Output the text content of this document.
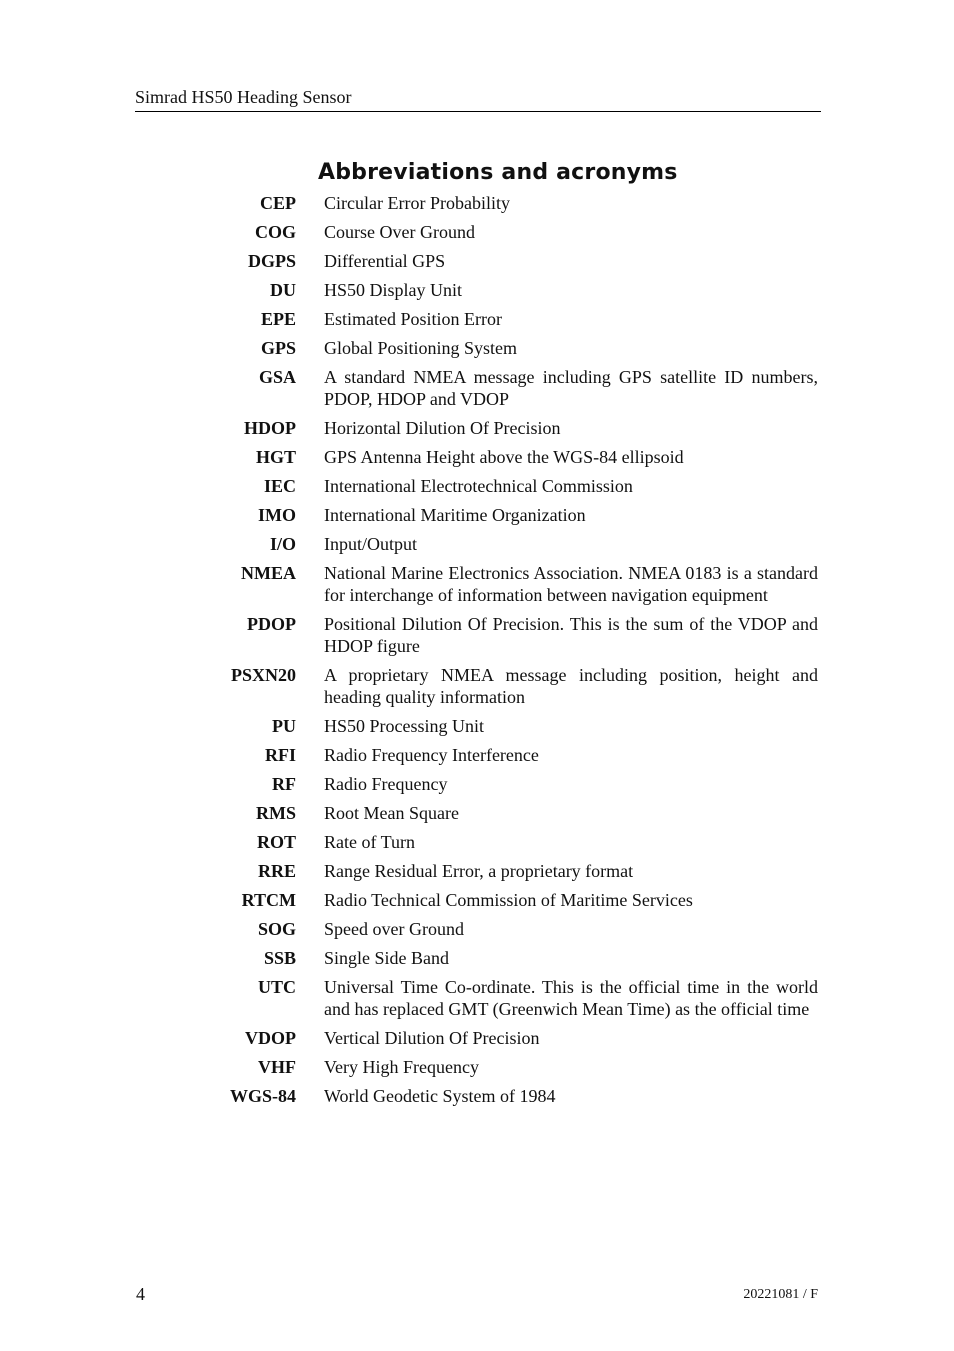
Simrad HS50 Heading Sensor
Abbreviations and acronyms
CEP Circular Error Probability
COG Course Over Ground
DGPS Differential GPS
DU HS50 Display Unit
EPE Estimated Position Error
GPS Global Positioning System
GSA A standard NMEA message including GPS satellite ID numbers, PDOP, HDOP and VDOP
HDOP Horizontal Dilution Of Precision
HGT GPS Antenna Height above the WGS-84 ellipsoid
IEC International Electrotechnical Commission
IMO International Maritime Organization
I/O Input/Output
NMEA National Marine Electronics Association. NMEA 0183 is a standard for interchange of information between navigation equipment
PDOP Positional Dilution Of Precision. This is the sum of the VDOP and HDOP figure
PSXN20 A proprietary NMEA message including position, height and heading quality information
PU HS50 Processing Unit
RFI Radio Frequency Interference
RF Radio Frequency
RMS Root Mean Square
ROT Rate of Turn
RRE Range Residual Error, a proprietary format
RTCM Radio Technical Commission of Maritime Services
SOG Speed over Ground
SSB Single Side Band
UTC Universal Time Co-ordinate. This is the official time in the world and has replaced GMT (Greenwich Mean Time) as the official time
VDOP Vertical Dilution Of Precision
VHF Very High Frequency
WGS-84 World Geodetic System of 1984
4	20221081 / F
